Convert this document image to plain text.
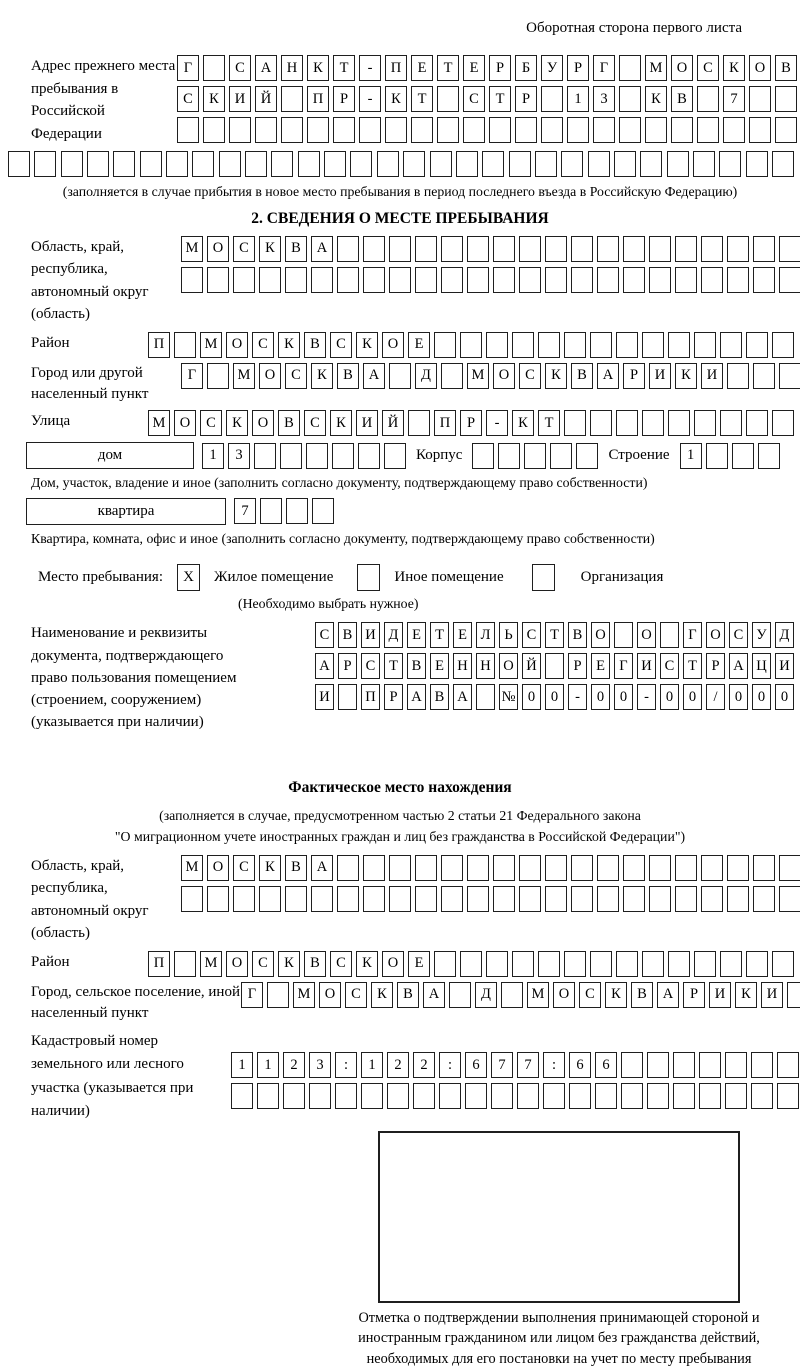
Оборотная сторона первого листа
Адрес прежнего места пребывания в Российской Федерации
Г	С	А	Н	К	Т	-	П	Е	Т	Е	Р	Б	У	Р	Г	М О	С	К	О	В
С	К	И	Й	П	Р	-	К	Т	С	Т	Р	1	3	К	В	7
(заполняется в случае прибытия в новое место пребывания в период последнего въезда в Российскую Федерацию)
2. СВЕДЕНИЯ О МЕСТЕ ПРЕБЫВАНИЯ
Область, край, республика, автономный округ (область)
М О	С	К	В	А
Район	П	М О	С	К	В	С	К	О	Е
Город или другой населенный пункт
Г	М О	С	К	В	А	Д	М О	С	К	В	А	Р	И	К	И
Улица	М О	С	К	О	В	С	К	И	Й	П	Р	-	К	Т
дом	1	3	Корпус	Строение	1
Дом, участок, владение и иное (заполнить согласно документу, подтверждающему право собственности)
квартира	7
Квартира, комната, офис и иное (заполнить согласно документу, подтверждающему право собственности)
Место пребывания:	X	Жилое помещение	Иное помещение	Организация
(Необходимо выбрать нужное)
Наименование и реквизиты документа, подтверждающего право пользования помещением (строением, сооружением) (указывается при наличии)
С В И Д Е Т Е Л Ь С Т В О О	Г О С У Д
А Р С Т В Е Н Н О Й	Р	Е Г И С Т	Р А Ц И
И П Р А В А № 0	0	-	0	0	-	0	0	/	0	0	0
Фактическое место нахождения
(заполняется в случае, предусмотренном частью 2 статьи 21 Федерального закона
"О миграционном учете иностранных граждан и лиц без гражданства в Российской Федерации")
Область, край, республика, автономный округ (область)
М О	С	К	В	А
Район	П	М О	С	К	В	С	К	О	Е
Город, сельское поселение, иной населенный пункт
Г	М О	С	К	В	А	Д	М О	С	К	В	А	Р	И	К	И
Кадастровый номер земельного или лесного участка (указывается при наличии)
1	1	2	3	:	1	2	2	:	6	7	7	:	6	6
Отметка о подтверждении выполнения принимающей стороной и иностранным гражданином или лицом без гражданства действий, необходимых для его постановки на учет по месту пребывания
